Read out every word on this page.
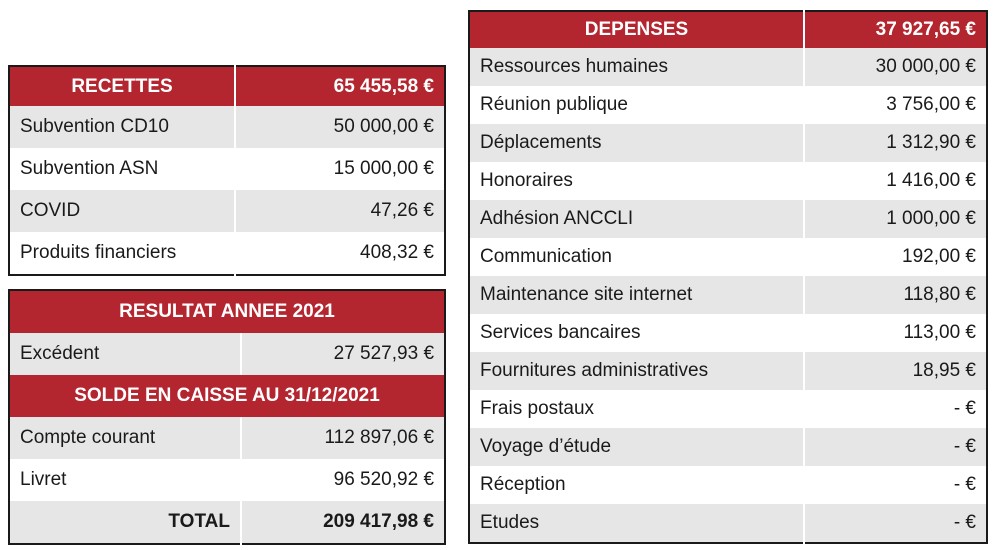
RECETTES	65 455,58 €
Subvention CD10	50 000,00 €
Subvention ASN	15 000,00 €
COVID	47,26 €
Produits financiers	408,32 €
RESULTAT ANNEE 2021	
Excédent	27 527,93 €
SOLDE EN CAISSE AU 31/12/2021	
Compte courant	112 897,06 €
Livret	96 520,92 €
TOTAL	209 417,98 €
DEPENSES	37 927,65 €
Ressources humaines	30 000,00 €
Réunion publique	3 756,00 €
Déplacements	1 312,90 €
Honoraires	1 416,00 €
Adhésion ANCCLI	1 000,00 €
Communication	192,00 €
Maintenance site internet	118,80 €
Services bancaires	113,00 €
Fournitures administratives	18,95 €
Frais postaux	- €
Voyage d’étude	- €
Réception	- €
Etudes	- €
